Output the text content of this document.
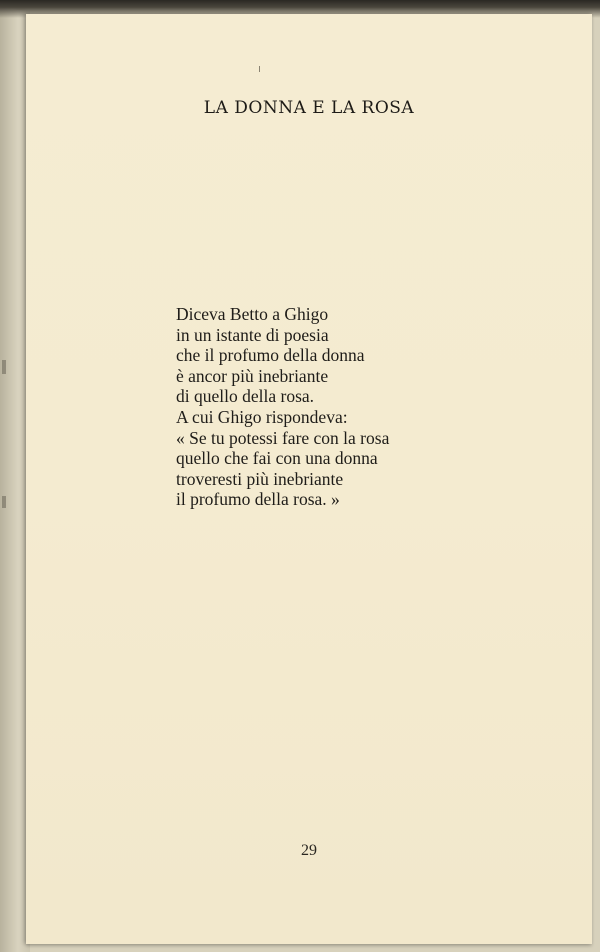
LA DONNA E LA ROSA
Diceva Betto a Ghigo
in un istante di poesia
che il profumo della donna
è ancor più inebriante
di quello della rosa.
A cui Ghigo rispondeva:
« Se tu potessi fare con la rosa
quello che fai con una donna
troveresti più inebriante
il profumo della rosa. »
29
